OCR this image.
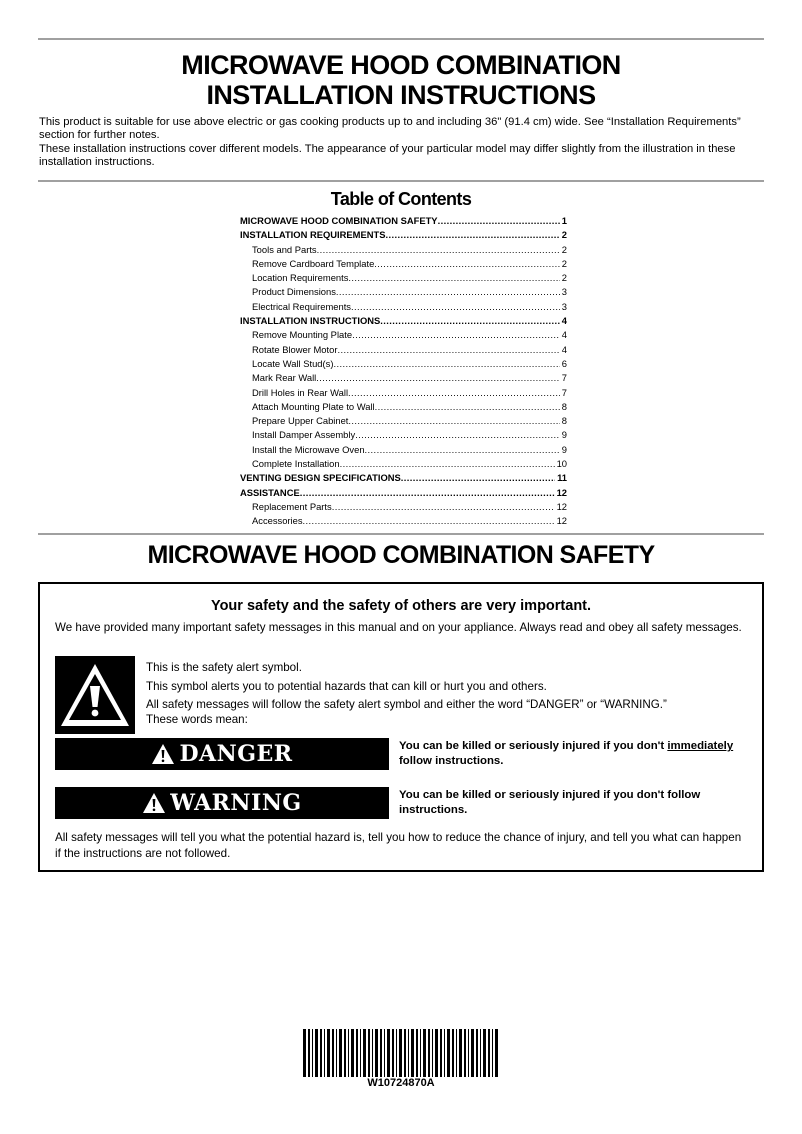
MICROWAVE HOOD COMBINATION
INSTALLATION INSTRUCTIONS
This product is suitable for use above electric or gas cooking products up to and including 36" (91.4 cm) wide. See “Installation Requirements” section for further notes.
These installation instructions cover different models. The appearance of your particular model may differ slightly from the illustration in these installation instructions.
Table of Contents
MICROWAVE HOOD COMBINATION SAFETY .....	1
INSTALLATION REQUIREMENTS .....	2
Tools and Parts .....	2
Remove Cardboard Template .....	2
Location Requirements .....	2
Product Dimensions .....	3
Electrical Requirements .....	3
INSTALLATION INSTRUCTIONS .....	4
Remove Mounting Plate .....	4
Rotate Blower Motor .....	4
Locate Wall Stud(s) .....	6
Mark Rear Wall .....	7
Drill Holes in Rear Wall .....	7
Attach Mounting Plate to Wall .....	8
Prepare Upper Cabinet .....	8
Install Damper Assembly .....	9
Install the Microwave Oven .....	9
Complete Installation .....	10
VENTING DESIGN SPECIFICATIONS .....	11
ASSISTANCE .....	12
Replacement Parts .....	12
Accessories .....	12
MICROWAVE HOOD COMBINATION SAFETY
Your safety and the safety of others are very important.
We have provided many important safety messages in this manual and on your appliance. Always read and obey all safety messages.
This is the safety alert symbol.
This symbol alerts you to potential hazards that can kill or hurt you and others.
All safety messages will follow the safety alert symbol and either the word “DANGER” or “WARNING.”
These words mean:
DANGER	You can be killed or seriously injured if you don't immediately
follow instructions.
WARNING	You can be killed or seriously injured if you don't follow instructions.
All safety messages will tell you what the potential hazard is, tell you how to reduce the chance of injury, and tell you what can happen if the instructions are not followed.
W10724870A
